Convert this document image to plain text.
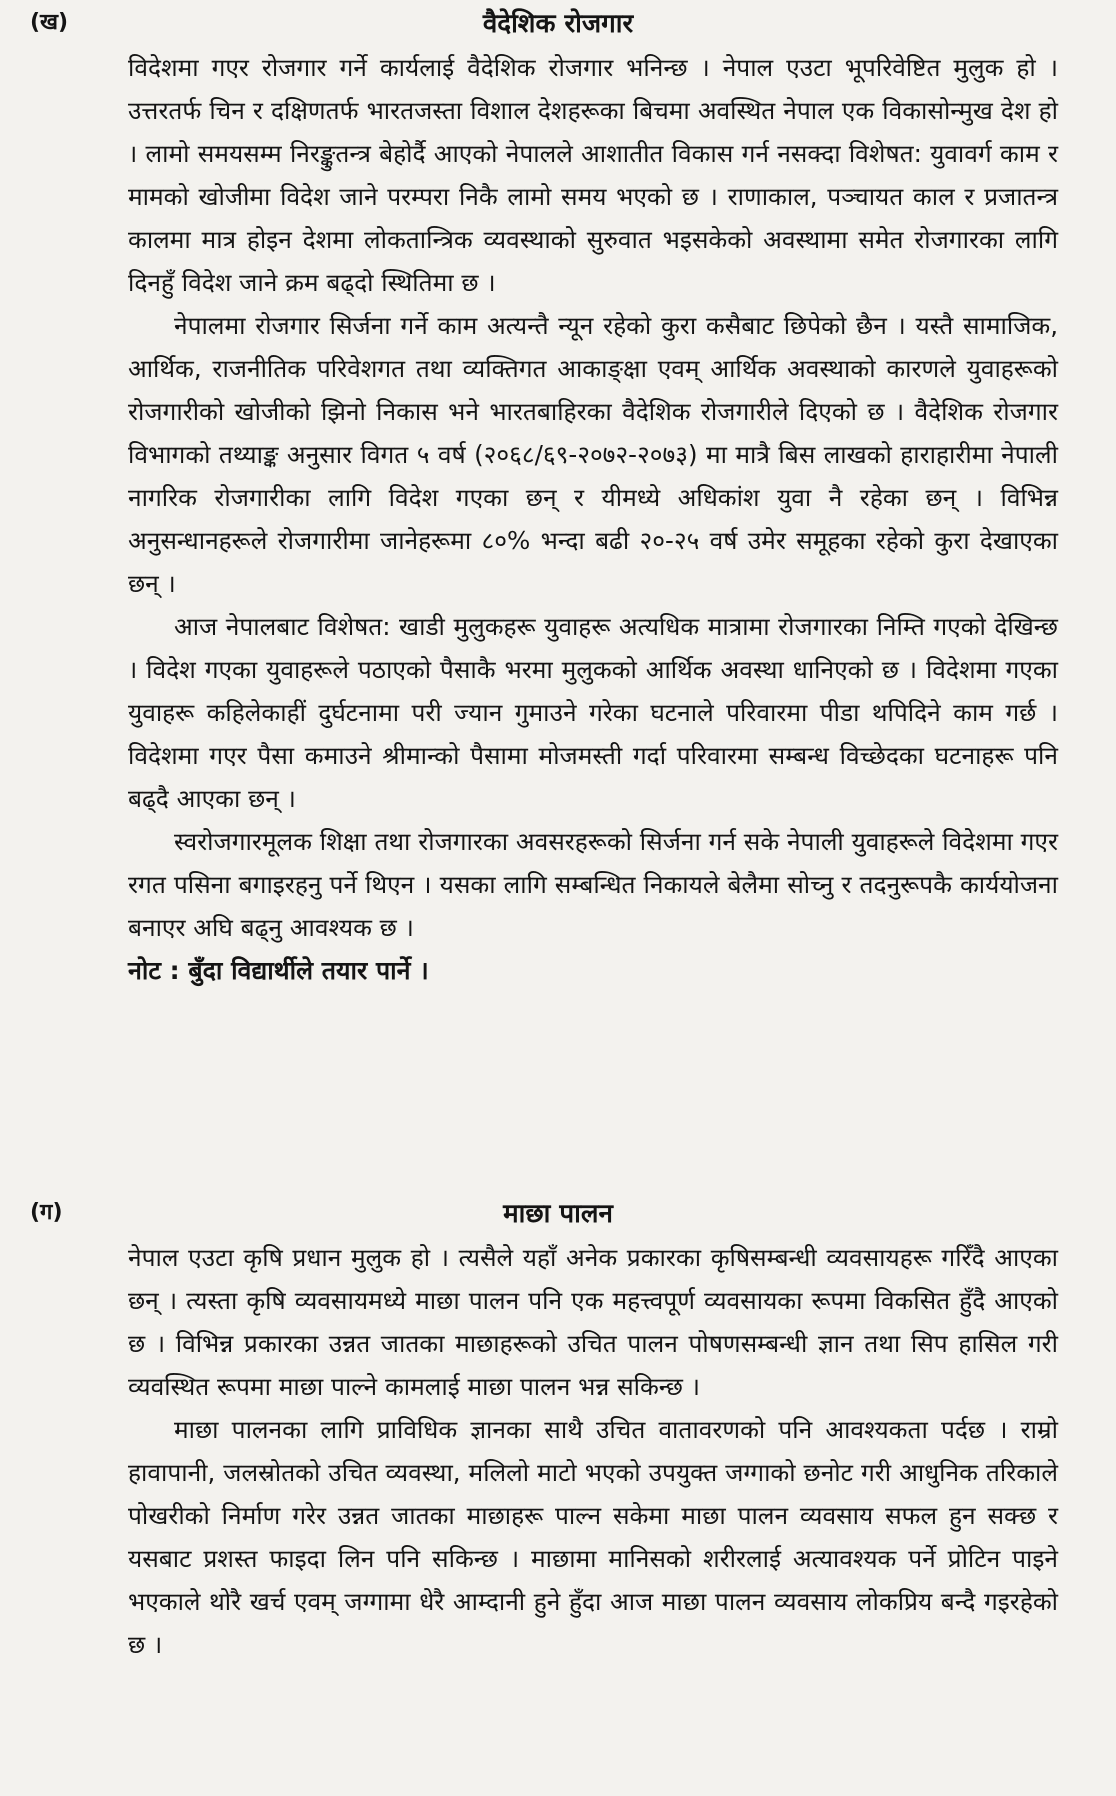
(ख)	वैदेशिक रोजगार

विदेशमा गएर रोजगार गर्ने कार्यलाई वैदेशिक रोजगार भनिन्छ । नेपाल एउटा भूपरिवेष्टित मुलुक हो । उत्तरतर्फ चिन र दक्षिणतर्फ भारतजस्ता विशाल देशहरूका बिचमा अवस्थित नेपाल एक विकासोन्मुख देश हो । लामो समयसम्म निरङ्कुतन्त्र बेहोर्दै आएको नेपालले आशातीत विकास गर्न नसक्दा विशेषत: युवावर्ग काम र मामको खोजीमा विदेश जाने परम्परा निकै लामो समय भएको छ । राणाकाल, पञ्चायत काल र प्रजातन्त्र कालमा मात्र होइन देशमा लोकतान्त्रिक व्यवस्थाको सुरुवात भइसकेको अवस्थामा समेत रोजगारका लागि दिनहुँ विदेश जाने क्रम बढ्दो स्थितिमा छ ।

नेपालमा रोजगार सिर्जना गर्ने काम अत्यन्तै न्यून रहेको कुरा कसैबाट छिपेको छैन । यस्तै सामाजिक, आर्थिक, राजनीतिक परिवेशगत तथा व्यक्तिगत आकाङ्क्षा एवम् आर्थिक अवस्थाको कारणले युवाहरूको रोजगारीको खोजीको झिनो निकास भने भारतबाहिरका वैदेशिक रोजगारीले दिएको छ । वैदेशिक रोजगार विभागको तथ्याङ्क अनुसार विगत ५ वर्ष (२०६८/६९-२०७२-२०७३) मा मात्रै बिस लाखको हाराहारीमा नेपाली नागरिक रोजगारीका लागि विदेश गएका छन् र यीमध्ये अधिकांश युवा नै रहेका छन् । विभिन्न अनुसन्धानहरूले रोजगारीमा जानेहरूमा ८०% भन्दा बढी २०-२५ वर्ष उमेर समूहका रहेको कुरा देखाएका छन् ।

आज नेपालबाट विशेषत: खाडी मुलुकहरू युवाहरू अत्यधिक मात्रामा रोजगारका निम्ति गएको देखिन्छ । विदेश गएका युवाहरूले पठाएको पैसाकै भरमा मुलुकको आर्थिक अवस्था धानिएको छ । विदेशमा गएका युवाहरू कहिलेकाहीं दुर्घटनामा परी ज्यान गुमाउने गरेका घटनाले परिवारमा पीडा थपिदिने काम गर्छ । विदेशमा गएर पैसा कमाउने श्रीमान्को पैसामा मोजमस्ती गर्दा परिवारमा सम्बन्ध विच्छेदका घटनाहरू पनि बढ्दै आएका छन् ।

स्वरोजगारमूलक शिक्षा तथा रोजगारका अवसरहरूको सिर्जना गर्न सके नेपाली युवाहरूले विदेशमा गएर रगत पसिना बगाइरहनु पर्ने थिएन । यसका लागि सम्बन्धित निकायले बेलैमा सोच्नु र तदनुरूपकै कार्ययोजना बनाएर अघि बढ्नु आवश्यक छ ।

नोट : बुँदा विद्यार्थीले तयार पार्ने ।

(ग)	माछा पालन

नेपाल एउटा कृषि प्रधान मुलुक हो । त्यसैले यहाँ अनेक प्रकारका कृषिसम्बन्धी व्यवसायहरू गरिँदै आएका छन् । त्यस्ता कृषि व्यवसायमध्ये माछा पालन पनि एक महत्त्वपूर्ण व्यवसायका रूपमा विकसित हुँदै आएको छ । विभिन्न प्रकारका उन्नत जातका माछाहरूको उचित पालन पोषणसम्बन्धी ज्ञान तथा सिप हासिल गरी व्यवस्थित रूपमा माछा पाल्ने कामलाई माछा पालन भन्न सकिन्छ ।

माछा पालनका लागि प्राविधिक ज्ञानका साथै उचित वातावरणको पनि आवश्यकता पर्दछ । राम्रो हावापानी, जलस्रोतको उचित व्यवस्था, मलिलो माटो भएको उपयुक्त जग्गाको छनोट गरी आधुनिक तरिकाले पोखरीको निर्माण गरेर उन्नत जातका माछाहरू पाल्न सकेमा माछा पालन व्यवसाय सफल हुन सक्छ र यसबाट प्रशस्त फाइदा लिन पनि सकिन्छ । माछामा मानिसको शरीरलाई अत्यावश्यक पर्ने प्रोटिन पाइने भएकाले थोरै खर्च एवम् जग्गामा धेरै आम्दानी हुने हुँदा आज माछा पालन व्यवसाय लोकप्रिय बन्दै गइरहेको छ ।
